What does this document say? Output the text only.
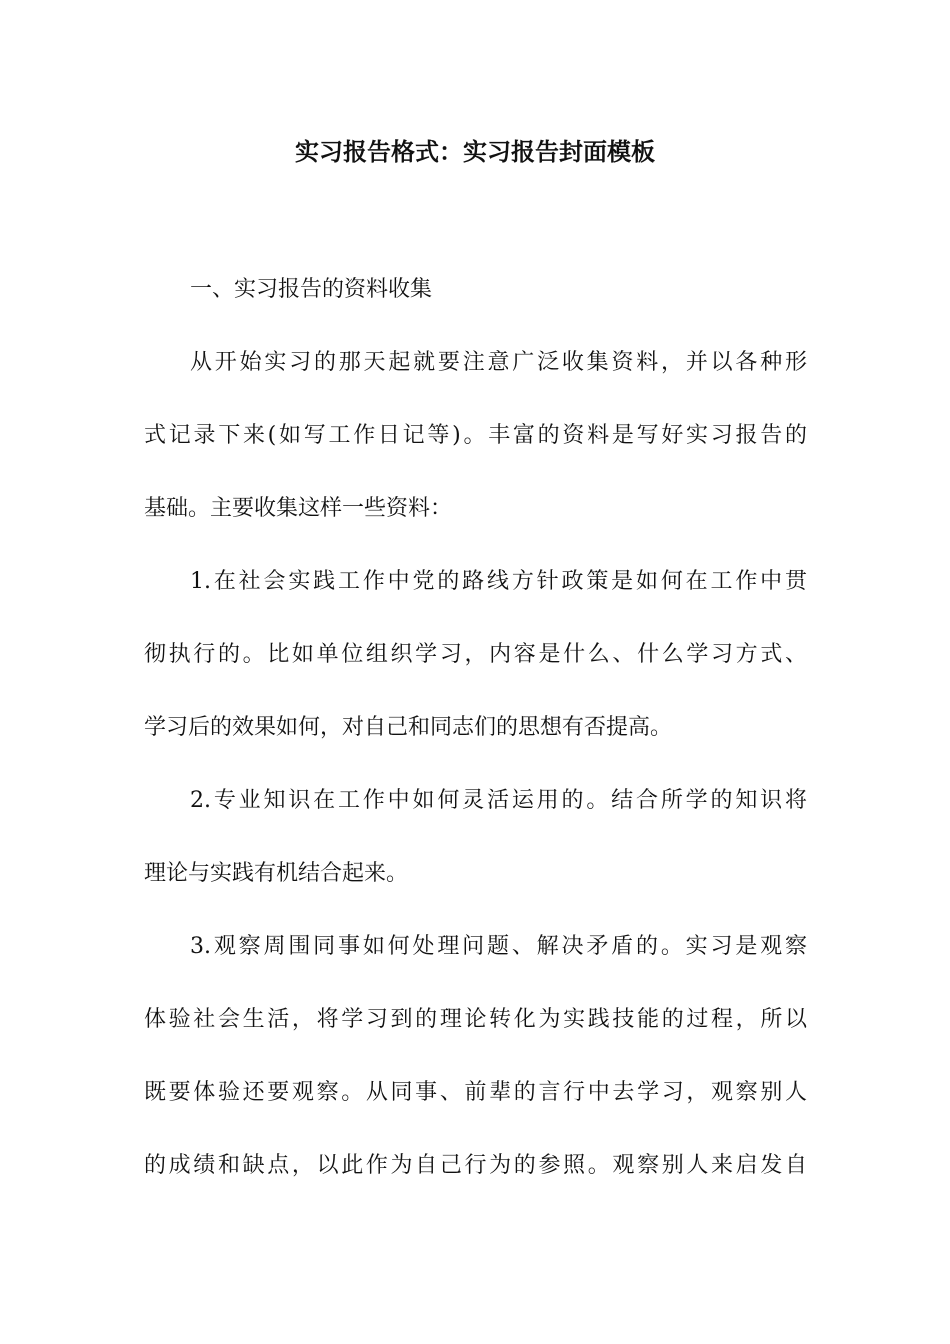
实习报告格式：实习报告封面模板
一、实习报告的资料收集
从开始实习的那天起就要注意广泛收集资料，并以各种形
式记录下来(如写工作日记等)。丰富的资料是写好实习报告的
基础。主要收集这样一些资料：
1.在社会实践工作中党的路线方针政策是如何在工作中贯
彻执行的。比如单位组织学习，内容是什么、什么学习方式、
学习后的效果如何，对自己和同志们的思想有否提高。
2.专业知识在工作中如何灵活运用的。结合所学的知识将
理论与实践有机结合起来。
3.观察周围同事如何处理问题、解决矛盾的。实习是观察
体验社会生活，将学习到的理论转化为实践技能的过程，所以
既要体验还要观察。从同事、前辈的言行中去学习，观察别人
的成绩和缺点，以此作为自己行为的参照。观察别人来启发自
